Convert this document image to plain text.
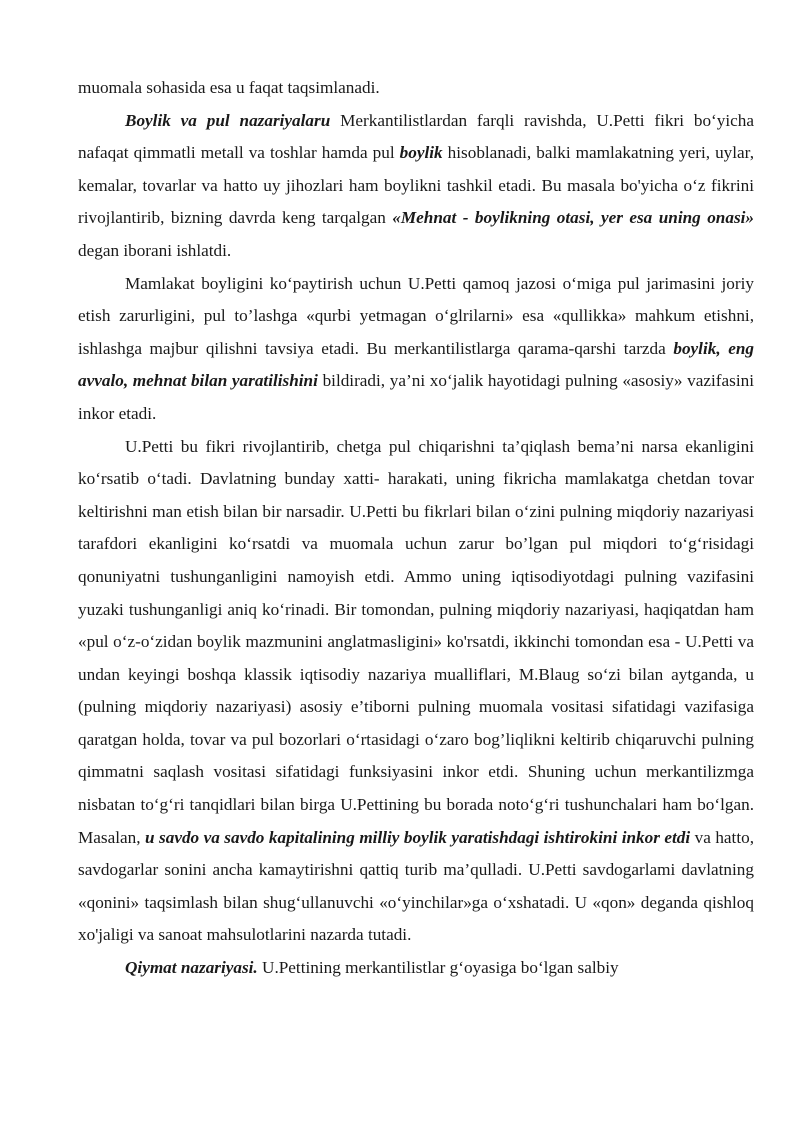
muomala sohasida esa u faqat taqsimlanadi.

Boylik va pul nazariyalaru Merkantilistlardan farqli ravishda, U.Petti fikri bo‘yicha nafaqat qimmatli metall va toshlar hamda pul boylik hisoblanadi, balki mamlakatning yeri, uylar, kemalar, tovarlar va hatto uy jihozlari ham boylikni tashkil etadi. Bu masala bo'yicha o‘z fikrini rivojlantirib, bizning davrda keng tarqalgan «Mehnat - boylikning otasi, yer esa uning onasi» degan iborani ishlatdi.

Mamlakat boyligini ko‘paytirish uchun U.Petti qamoq jazosi o‘miga pul jarimasini joriy etish zarurligini, pul to’lashga «qurbi yetmagan o‘glrilarni» esa «qullikka» mahkum etishni, ishlashga majbur qilishni tavsiya etadi. Bu merkantilistlarga qarama-qarshi tarzda boylik, eng avvalo, mehnat bilan yaratilishini bildiradi, ya’ni xo‘jalik hayotidagi pulning «asosiy» vazifasini inkor etadi.

U.Petti bu fikri rivojlantirib, chetga pul chiqarishni ta’qiqlash bema’ni narsa ekanligini ko‘rsatib o‘tadi. Davlatning bunday xatti- harakati, uning fikricha mamlakatga chetdan tovar keltirishni man etish bilan bir narsadir. U.Petti bu fikrlari bilan o‘zini pulning miqdoriy nazariyasi tarafdori ekanligini ko‘rsatdi va muomala uchun zarur bo’lgan pul miqdori to‘g‘risidagi qonuniyatni tushunganligini namoyish etdi. Ammo uning iqtisodiyotdagi pulning vazifasini yuzaki tushunganligi aniq ko‘rinadi. Bir tomondan, pulning miqdoriy nazariyasi, haqiqatdan ham «pul o‘z-o‘zidan boylik mazmunini anglatmasligini» ko'rsatdi, ikkinchi tomondan esa - U.Petti va undan keyingi boshqa klassik iqtisodiy nazariya mualliflari, M.Blaug so‘zi bilan aytganda, u (pulning miqdoriy nazariyasi) asosiy e’tiborni pulning muomala vositasi sifatidagi vazifasiga qaratgan holda, tovar va pul bozorlari o‘rtasidagi o‘zaro bog’liqlikni keltirib chiqaruvchi pulning qimmatni saqlash vositasi sifatidagi funksiyasini inkor etdi. Shuning uchun merkantilizmga nisbatan to‘g‘ri tanqidlari bilan birga U.Pettining bu borada noto‘g‘ri tushunchalari ham bo‘lgan. Masalan, u savdo va savdo kapitalining milliy boylik yaratishdagi ishtirokini inkor etdi va hatto, savdogarlar sonini ancha kamaytirishni qattiq turib ma’qulladi. U.Petti savdogarlami davlatning «qonini» taqsimlash bilan shug‘ullanuvchi «o‘yinchilar»ga o‘xshatadi. U «qon» deganda qishloq xo'jaligi va sanoat mahsulotlarini nazarda tutadi.

Qiymat nazariyasi. U.Pettining merkantilistlar g‘oyasiga bo‘lgan salbiy
